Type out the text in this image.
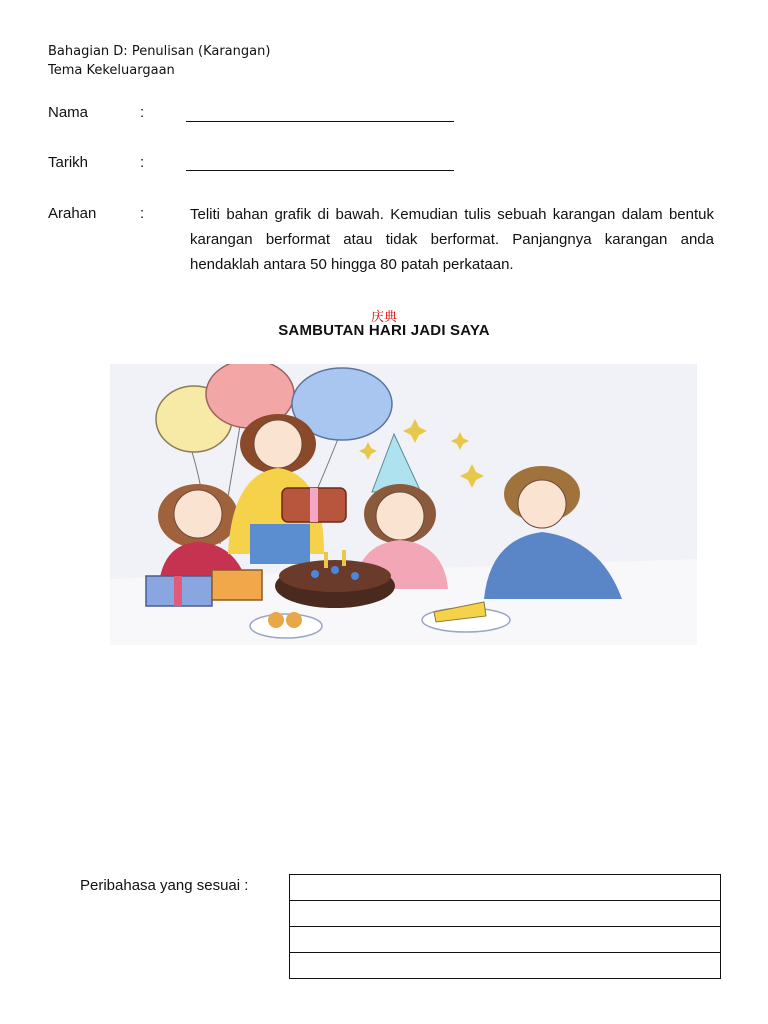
Bahagian D: Penulisan (Karangan)
Tema Kekeluargaan
Nama	:
Tarikh	:
Arahan	:	Teliti bahan grafik di bawah. Kemudian tulis sebuah karangan dalam bentuk karangan berformat atau tidak berformat. Panjangnya karangan anda hendaklah antara 50 hingga 80 patah perkataan.
庆典
SAMBUTAN HARI JADI SAYA
Peribahasa yang sesuai :
